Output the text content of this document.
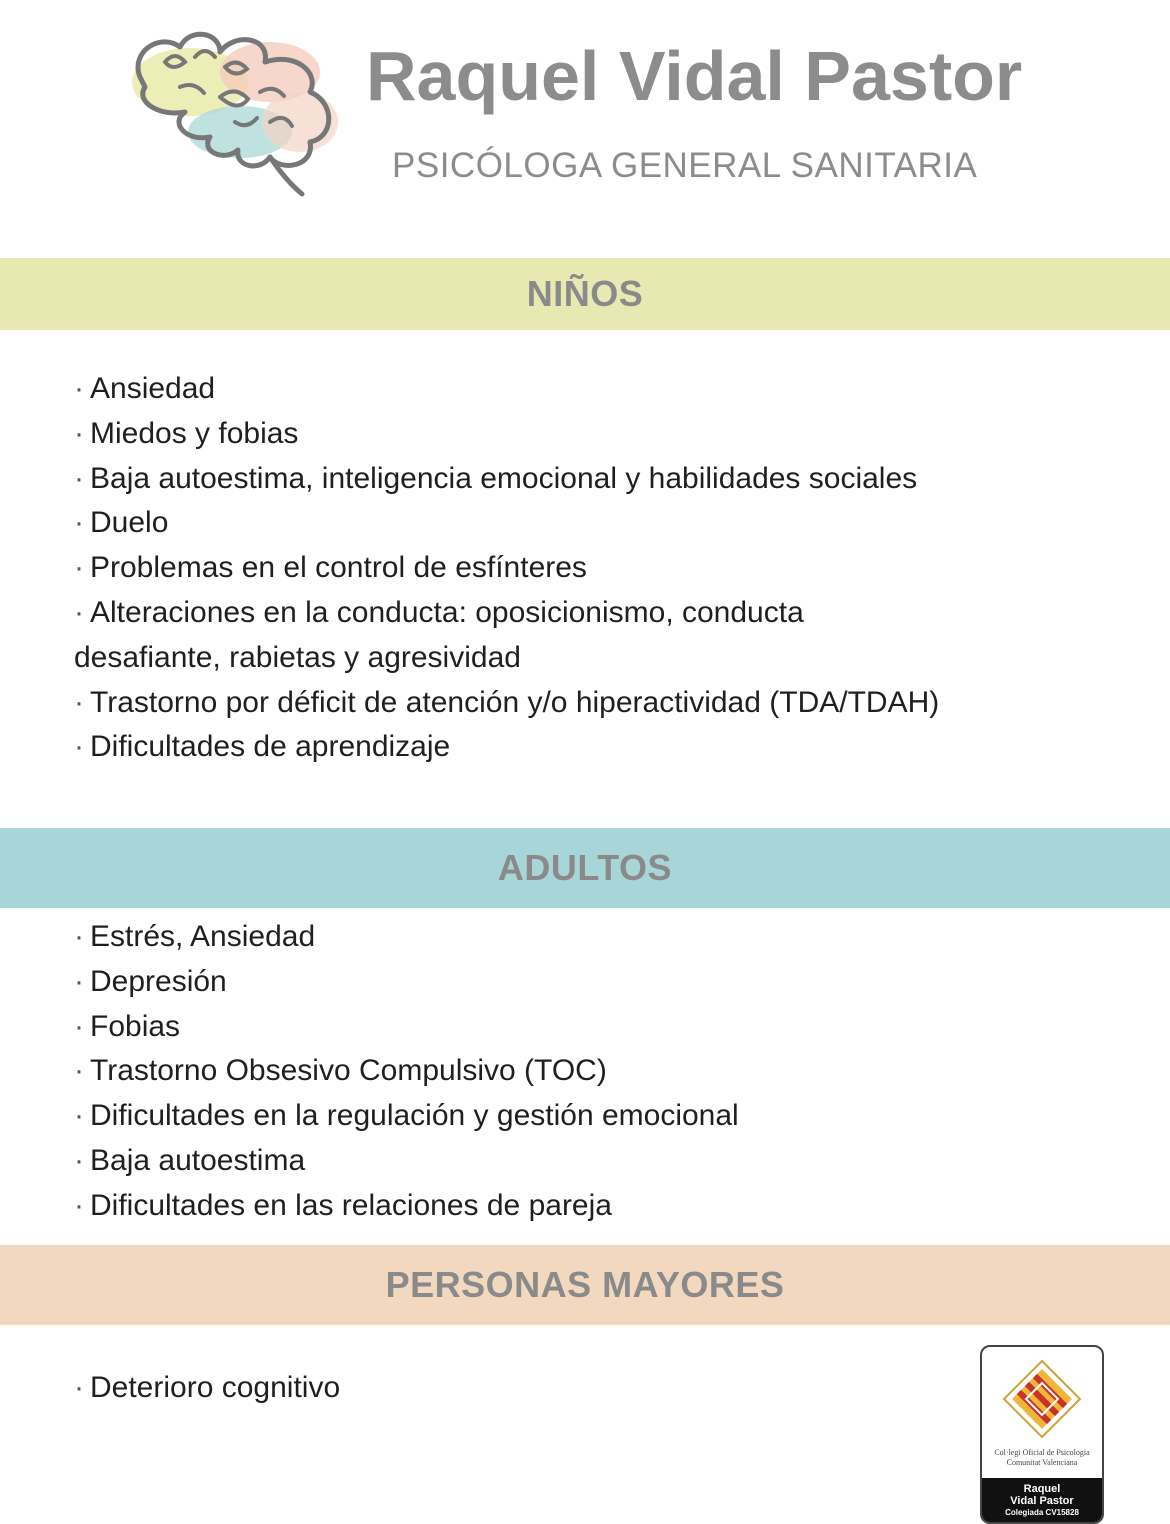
Raquel Vidal Pastor
PSICÓLOGA GENERAL SANITARIA
NIÑOS
· Ansiedad
· Miedos y fobias
· Baja autoestima, inteligencia emocional y habilidades sociales
· Duelo
· Problemas en el control de esfínteres
· Alteraciones en la conducta: oposicionismo, conducta
desafiante, rabietas y agresividad
· Trastorno por déficit de atención y/o hiperactividad (TDA/TDAH)
· Dificultades de aprendizaje
ADULTOS
· Estrés, Ansiedad
· Depresión
· Fobias
· Trastorno Obsesivo Compulsivo (TOC)
· Dificultades en la regulación y gestión emocional
· Baja autoestima
· Dificultades en las relaciones de pareja
PERSONAS MAYORES
· Deterioro cognitivo
Col·legi Oficial de Psicologia
Comunitat Valenciana
Raquel
Vidal Pastor
Colegiada CV15828
